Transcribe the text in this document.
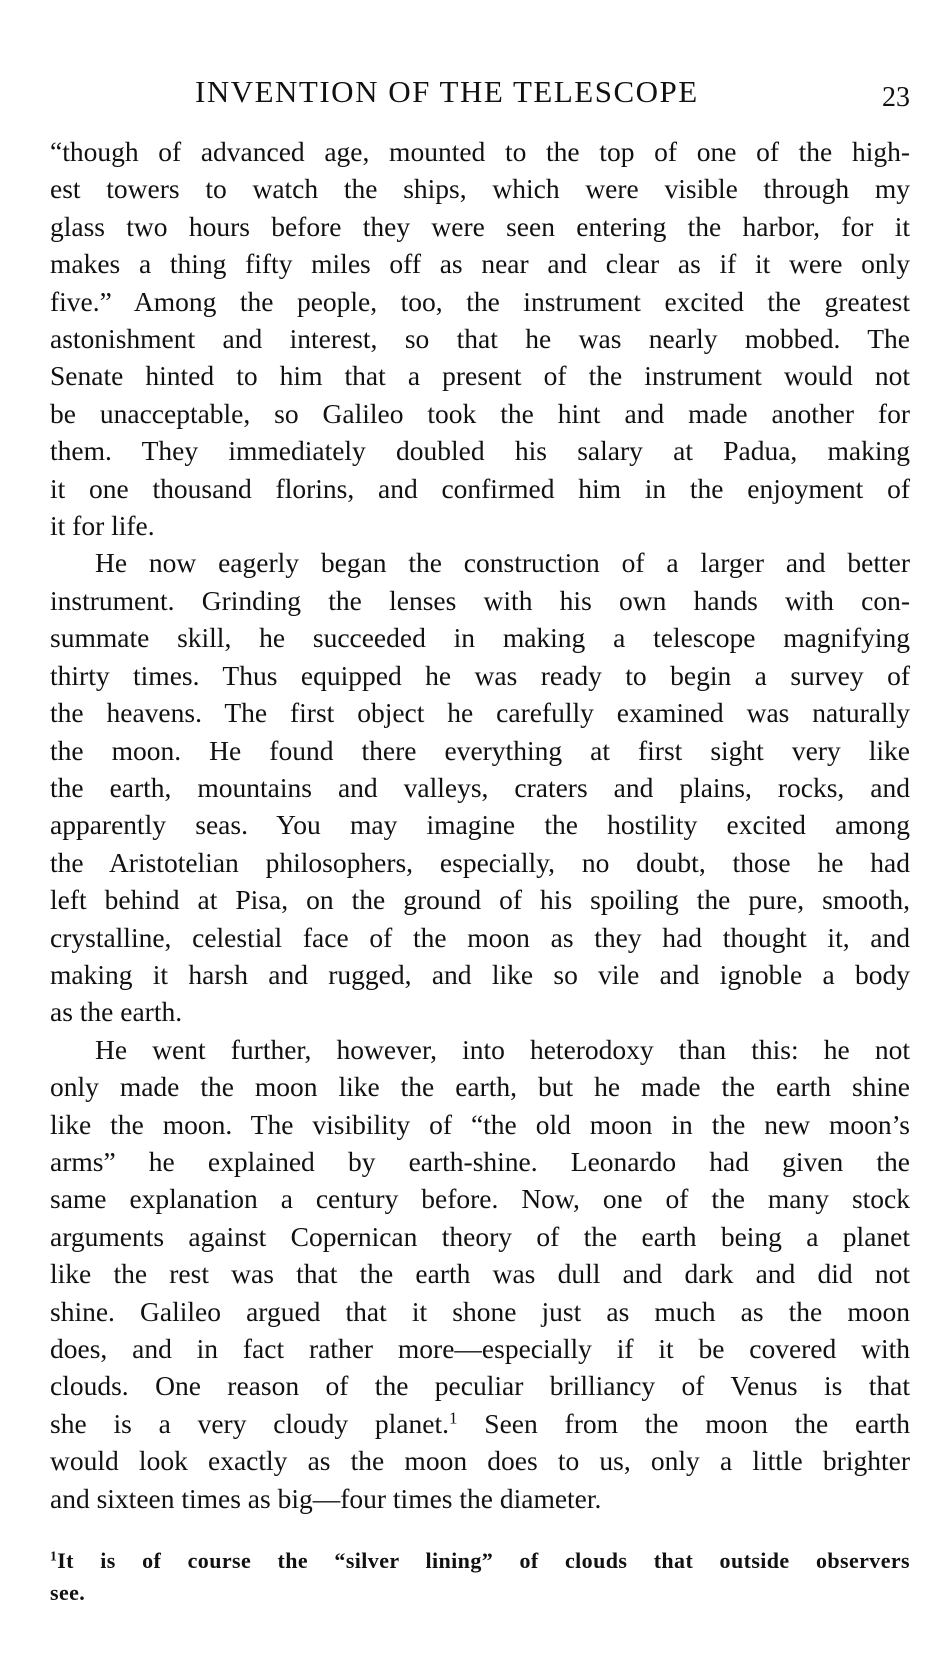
INVENTION OF THE TELESCOPE	23
“though of advanced age, mounted to the top of one of the high-
est towers to watch the ships, which were visible through my
glass two hours before they were seen entering the harbor, for it
makes a thing fifty miles off as near and clear as if it were only
five.” Among the people, too, the instrument excited the greatest
astonishment and interest, so that he was nearly mobbed. The
Senate hinted to him that a present of the instrument would not
be unacceptable, so Galileo took the hint and made another for
them. They immediately doubled his salary at Padua, making
it one thousand florins, and confirmed him in the enjoyment of
it for life.
He now eagerly began the construction of a larger and better
instrument. Grinding the lenses with his own hands with con-
summate skill, he succeeded in making a telescope magnifying
thirty times. Thus equipped he was ready to begin a survey of
the heavens. The first object he carefully examined was naturally
the moon. He found there everything at first sight very like
the earth, mountains and valleys, craters and plains, rocks, and
apparently seas. You may imagine the hostility excited among
the Aristotelian philosophers, especially, no doubt, those he had
left behind at Pisa, on the ground of his spoiling the pure, smooth,
crystalline, celestial face of the moon as they had thought it, and
making it harsh and rugged, and like so vile and ignoble a body
as the earth.
He went further, however, into heterodoxy than this: he not
only made the moon like the earth, but he made the earth shine
like the moon. The visibility of “the old moon in the new moon’s
arms” he explained by earth-shine. Leonardo had given the
same explanation a century before. Now, one of the many stock
arguments against Copernican theory of the earth being a planet
like the rest was that the earth was dull and dark and did not
shine. Galileo argued that it shone just as much as the moon
does, and in fact rather more—especially if it be covered with
clouds. One reason of the peculiar brilliancy of Venus is that
she is a very cloudy planet.$^1$ Seen from the moon the earth
would look exactly as the moon does to us, only a little brighter
and sixteen times as big—four times the diameter.
$^1$It is of course the “silver lining” of clouds that outside observers
see.
